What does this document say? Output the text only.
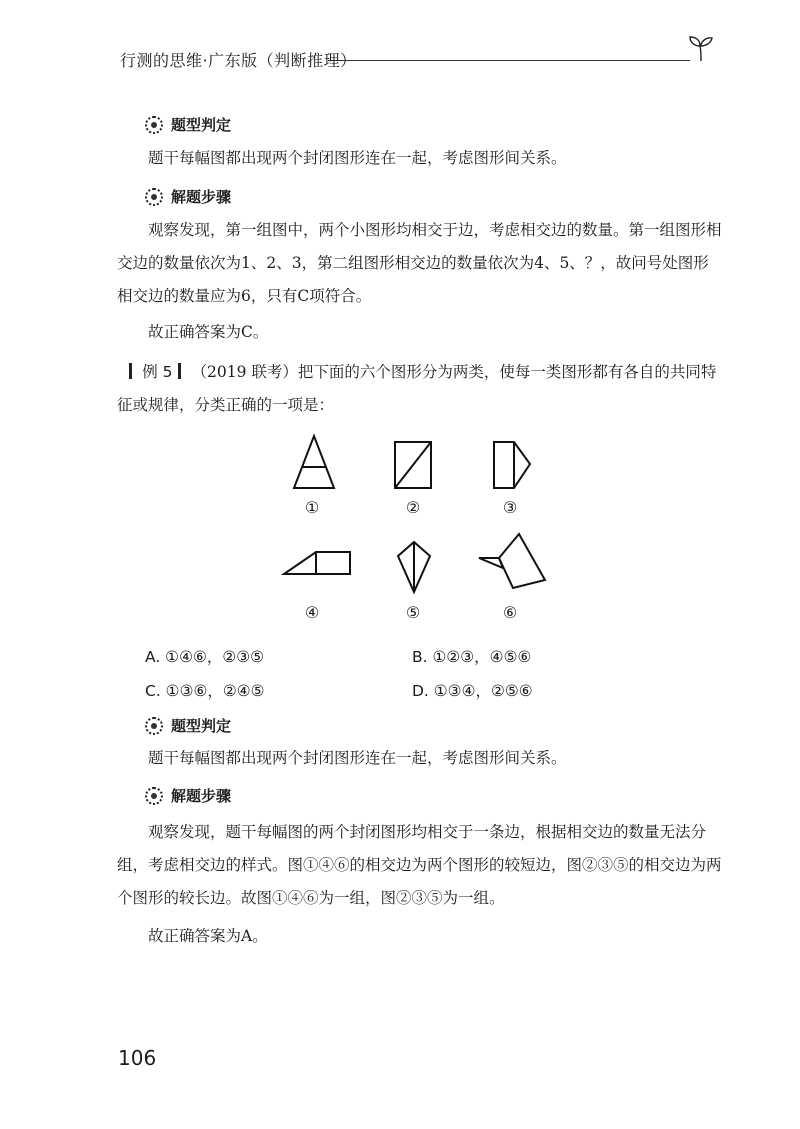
行测的思维·广东版（判断推理）
题型判定

题干每幅图都出现两个封闭图形连在一起，考虑图形间关系。

解题步骤

观察发现，第一组图中，两个小图形均相交于边，考虑相交边的数量。第一组图形相交边的数量依次为1、2、3，第二组图形相交边的数量依次为4、5、？，故问号处图形相交边的数量应为6，只有C项符合。

故正确答案为C。

例 5 （2019 联考）把下面的六个图形分为两类，使每一类图形都有各自的共同特征或规律，分类正确的一项是：

①	②	③
④	⑤	⑥
A. ①④⑥，②③⑤	B. ①②③，④⑤⑥
C. ①③⑥，②④⑤	D. ①③④，②⑤⑥
题型判定

题干每幅图都出现两个封闭图形连在一起，考虑图形间关系。

解题步骤

观察发现，题干每幅图的两个封闭图形均相交于一条边，根据相交边的数量无法分组，考虑相交边的样式。图①④⑥的相交边为两个图形的较短边，图②③⑤的相交边为两个图形的较长边。故图①④⑥为一组，图②③⑤为一组。

故正确答案为A。

106
